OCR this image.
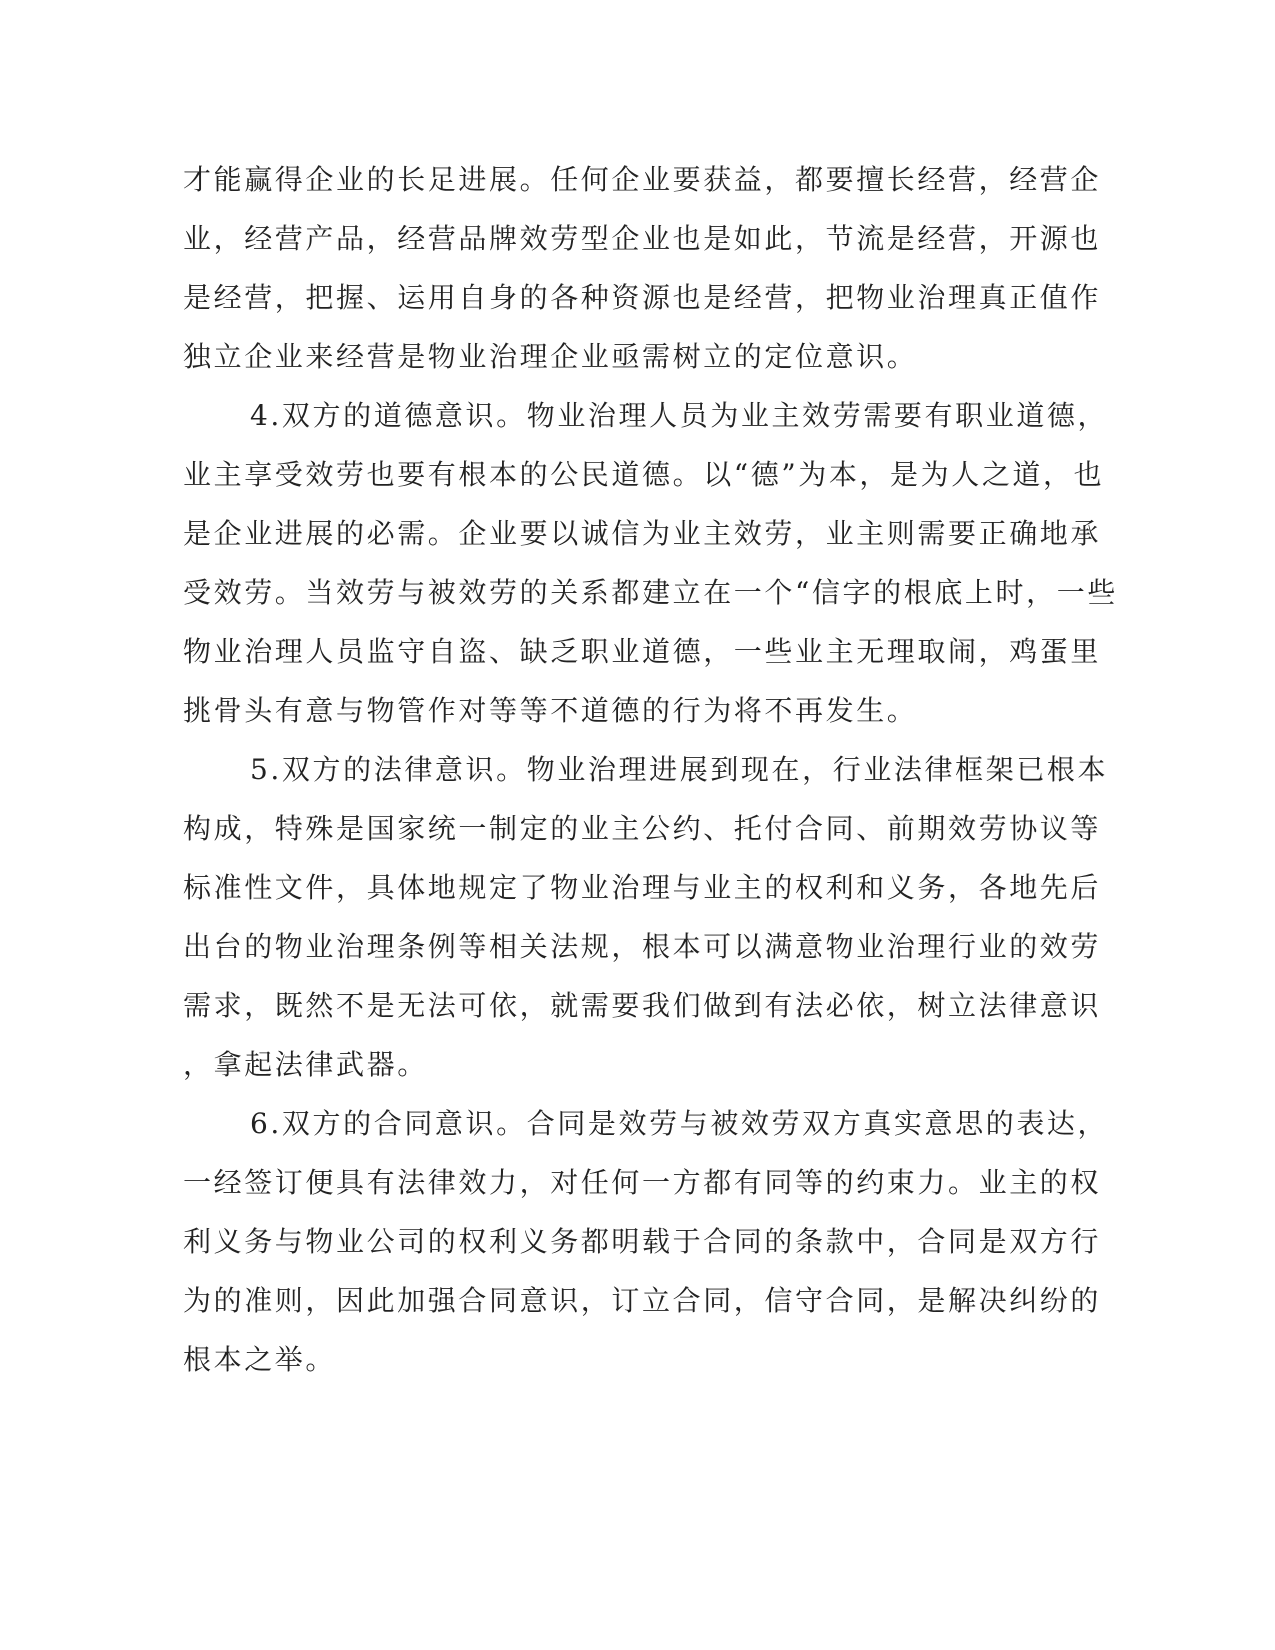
才能赢得企业的长足进展。任何企业要获益，都要擅长经营，经营企
业，经营产品，经营品牌效劳型企业也是如此，节流是经营，开源也
是经营，把握、运用自身的各种资源也是经营，把物业治理真正值作
独立企业来经营是物业治理企业亟需树立的定位意识。
4.双方的道德意识。物业治理人员为业主效劳需要有职业道德，
业主享受效劳也要有根本的公民道德。以“德”为本，是为人之道，也
是企业进展的必需。企业要以诚信为业主效劳，业主则需要正确地承
受效劳。当效劳与被效劳的关系都建立在一个“信字的根底上时，一些
物业治理人员监守自盗、缺乏职业道德，一些业主无理取闹，鸡蛋里
挑骨头有意与物管作对等等不道德的行为将不再发生。
5.双方的法律意识。物业治理进展到现在，行业法律框架已根本
构成，特殊是国家统一制定的业主公约、托付合同、前期效劳协议等
标准性文件，具体地规定了物业治理与业主的权利和义务，各地先后
出台的物业治理条例等相关法规，根本可以满意物业治理行业的效劳
需求，既然不是无法可依，就需要我们做到有法必依，树立法律意识
，拿起法律武器。
6.双方的合同意识。合同是效劳与被效劳双方真实意思的表达，
一经签订便具有法律效力，对任何一方都有同等的约束力。业主的权
利义务与物业公司的权利义务都明载于合同的条款中，合同是双方行
为的准则，因此加强合同意识，订立合同，信守合同，是解决纠纷的
根本之举。
